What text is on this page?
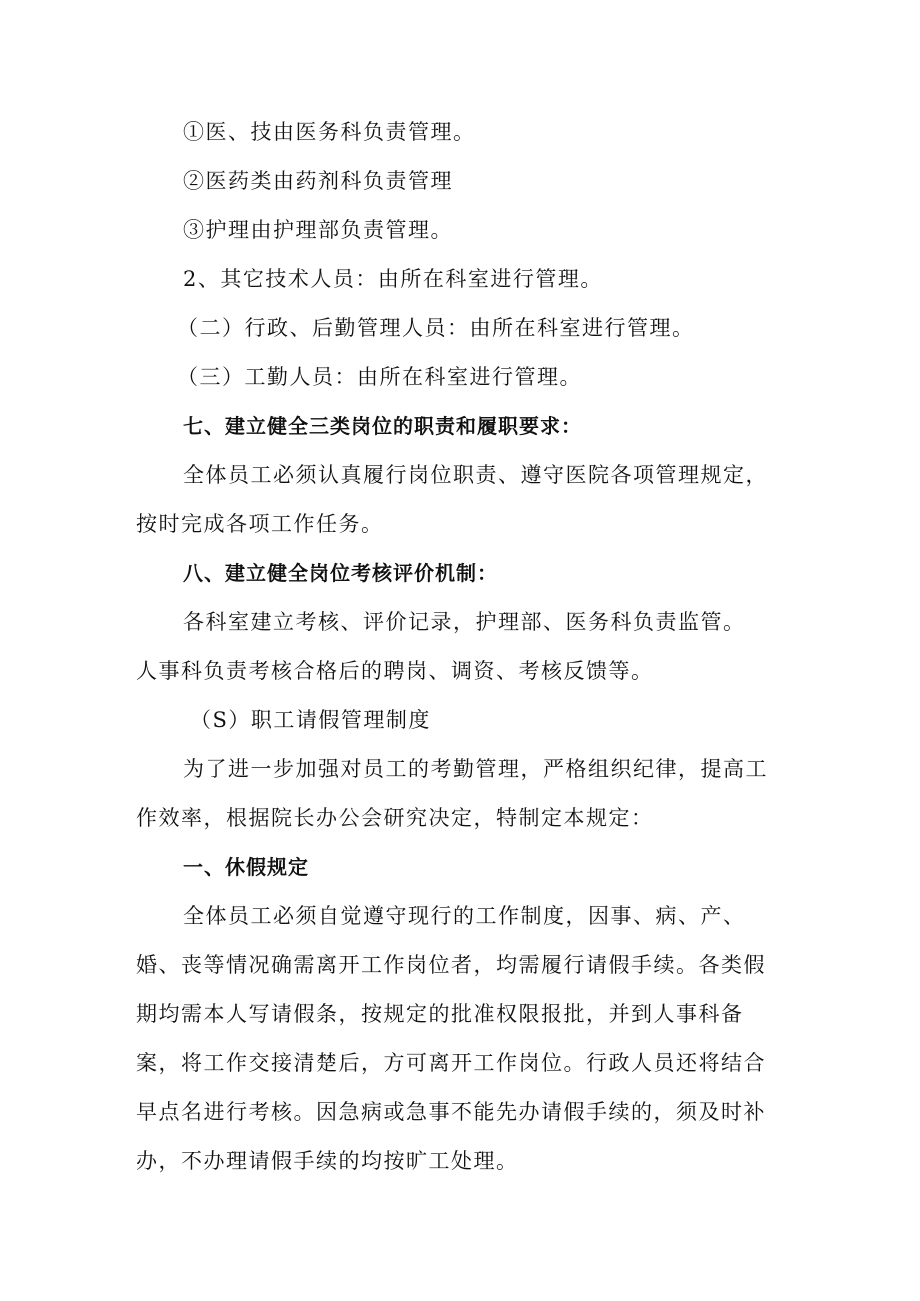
①医、技由医务科负责管理。
②医药类由药剂科负责管理
③护理由护理部负责管理。
2、其它技术人员：由所在科室进行管理。
（二）行政、后勤管理人员：由所在科室进行管理。
（三）工勤人员：由所在科室进行管理。
七、建立健全三类岗位的职责和履职要求：
全体员工必须认真履行岗位职责、遵守医院各项管理规定，
按时完成各项工作任务。
八、建立健全岗位考核评价机制：
各科室建立考核、评价记录，护理部、医务科负责监管。
人事科负责考核合格后的聘岗、调资、考核反馈等。
（S）职工请假管理制度
为了进一步加强对员工的考勤管理，严格组织纪律，提高工
作效率，根据院长办公会研究决定，特制定本规定：
一、休假规定
全体员工必须自觉遵守现行的工作制度，因事、病、产、
婚、丧等情况确需离开工作岗位者，均需履行请假手续。各类假
期均需本人写请假条，按规定的批准权限报批，并到人事科备
案，将工作交接清楚后，方可离开工作岗位。行政人员还将结合
早点名进行考核。因急病或急事不能先办请假手续的，须及时补
办，不办理请假手续的均按旷工处理。
